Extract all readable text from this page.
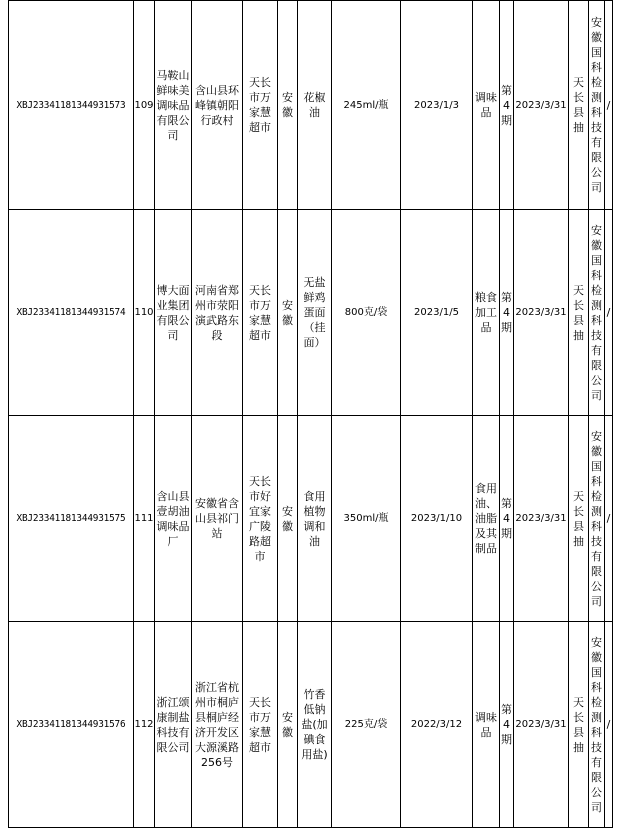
XBJ23341181344931573	109	马鞍山鲜味美调味品有限公司	含山县环峰镇朝阳行政村	天长市万家慧超市	安徽	花椒油	245ml/瓶	2023/1/3	调味品	第4期	2023/3/31	天长县抽	安徽国科检测科技有限公司	/
XBJ23341181344931574	110	博大面业集团有限公司	河南省郑州市荥阳演武路东段	天长市万家慧超市	安徽	无盐鲜鸡蛋面（挂面）	800克/袋	2023/1/5	粮食加工品	第4期	2023/3/31	天长县抽	安徽国科检测科技有限公司	/
XBJ23341181344931575	111	含山县壹胡油调味品厂	安徽省含山县祁门站	天长市好宜家广陵路超市	安徽	食用植物调和油	350ml/瓶	2023/1/10	食用油、油脂及其制品	第4期	2023/3/31	天长县抽	安徽国科检测科技有限公司	/
XBJ23341181344931576	112	浙江颂康制盐科技有限公司	浙江省杭州市桐庐县桐庐经济开发区大源溪路256号	天长市万家慧超市	安徽	竹香低钠盐(加碘食用盐)	225克/袋	2022/3/12	调味品	第4期	2023/3/31	天长县抽	安徽国科检测科技有限公司	/
